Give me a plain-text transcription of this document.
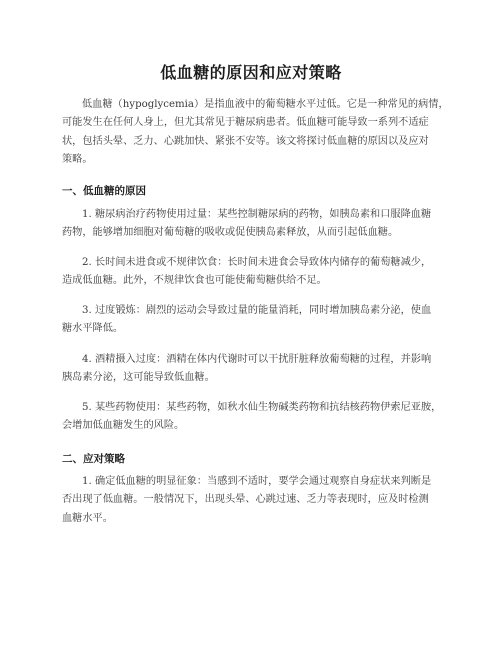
低血糖的原因和应对策略

低血糖（hypoglycemia）是指血液中的葡萄糖水平过低。它是一种常见的病情，
可能发生在任何人身上，但尤其常见于糖尿病患者。低血糖可能导致一系列不适症
状，包括头晕、乏力、心跳加快、紧张不安等。该文将探讨低血糖的原因以及应对
策略。

一、低血糖的原因

1. 糖尿病治疗药物使用过量：某些控制糖尿病的药物，如胰岛素和口服降血糖
药物，能够增加细胞对葡萄糖的吸收或促使胰岛素释放，从而引起低血糖。

2. 长时间未进食或不规律饮食：长时间未进食会导致体内储存的葡萄糖减少，
造成低血糖。此外，不规律饮食也可能使葡萄糖供给不足。

3. 过度锻炼：剧烈的运动会导致过量的能量消耗，同时增加胰岛素分泌，使血
糖水平降低。

4. 酒精摄入过度：酒精在体内代谢时可以干扰肝脏释放葡萄糖的过程，并影响
胰岛素分泌，这可能导致低血糖。

5. 某些药物使用：某些药物，如秋水仙生物碱类药物和抗结核药物伊索尼亚胺，
会增加低血糖发生的风险。

二、应对策略

1. 确定低血糖的明显征象：当感到不适时，要学会通过观察自身症状来判断是
否出现了低血糖。一般情况下，出现头晕、心跳过速、乏力等表现时，应及时检测
血糖水平。
